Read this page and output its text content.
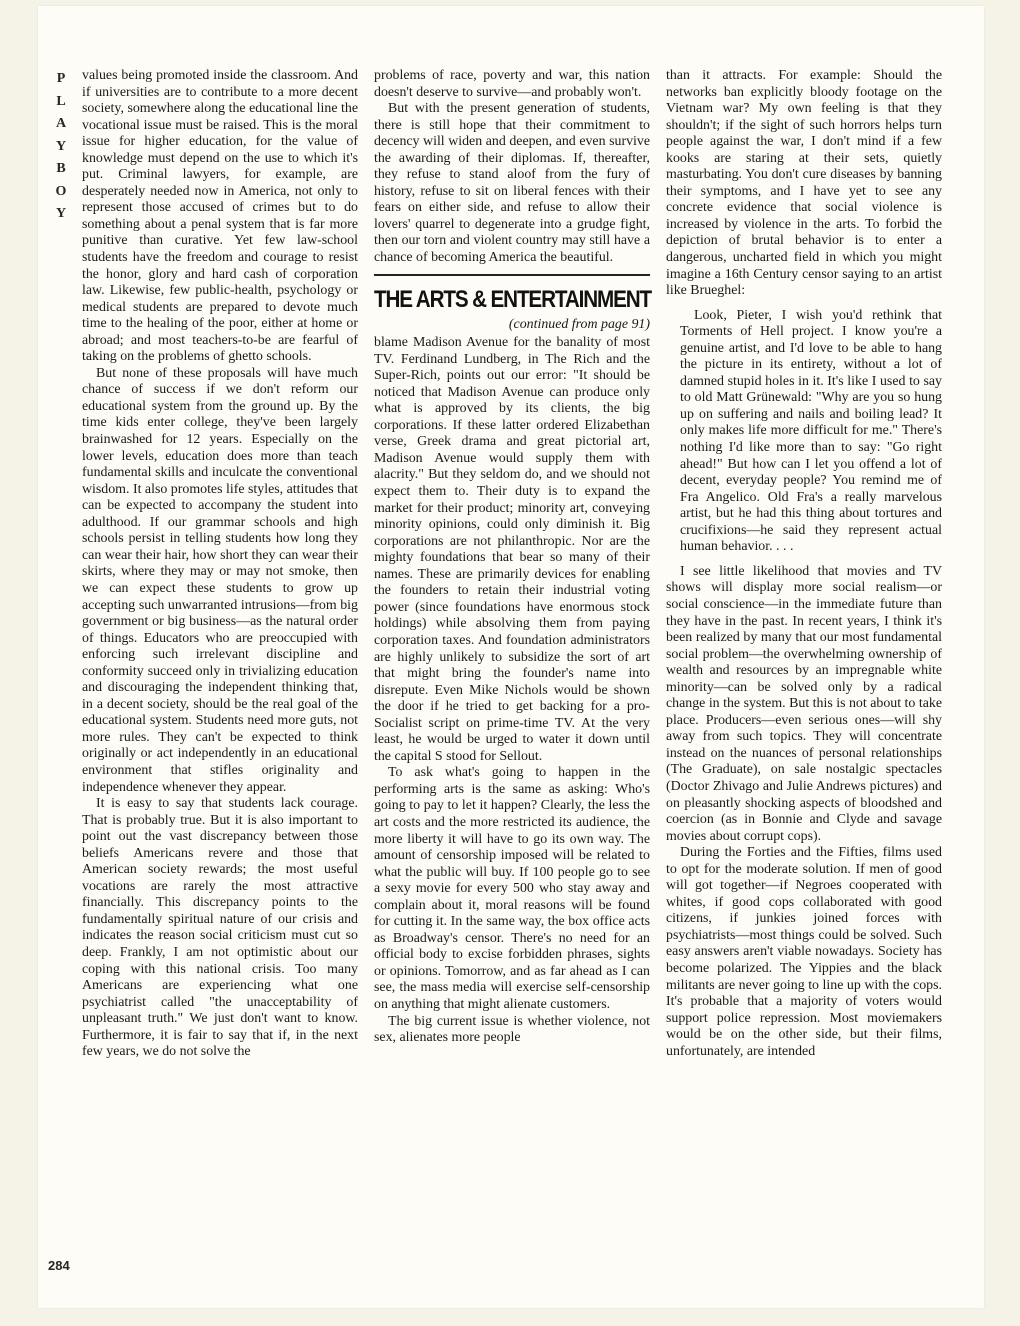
P
L
A
Y
B
O
Y
284

values being promoted inside the classroom. And if universities are to contribute to a more decent society, somewhere along the educational line the vocational issue must be raised. This is the moral issue for higher education, for the value of knowledge must depend on the use to which it's put. Criminal lawyers, for example, are desperately needed now in America, not only to represent those accused of crimes but to do something about a penal system that is far more punitive than curative. Yet few law-school students have the freedom and courage to resist the honor, glory and hard cash of corporation law. Likewise, few public-health, psychology or medical students are prepared to devote much time to the healing of the poor, either at home or abroad; and most teachers-to-be are fearful of taking on the problems of ghetto schools.

But none of these proposals will have much chance of success if we don't reform our educational system from the ground up. By the time kids enter college, they've been largely brainwashed for 12 years. Especially on the lower levels, education does more than teach fundamental skills and inculcate the conventional wisdom. It also promotes life styles, attitudes that can be expected to accompany the student into adulthood. If our grammar schools and high schools persist in telling students how long they can wear their hair, how short they can wear their skirts, where they may or may not smoke, then we can expect these students to grow up accepting such unwarranted intrusions—from big government or big business—as the natural order of things. Educators who are preoccupied with enforcing such irrelevant discipline and conformity succeed only in trivializing education and discouraging the independent thinking that, in a decent society, should be the real goal of the educational system. Students need more guts, not more rules. They can't be expected to think originally or act independently in an educational environment that stifles originality and independence whenever they appear.

It is easy to say that students lack courage. That is probably true. But it is also important to point out the vast discrepancy between those beliefs Americans revere and those that American society rewards; the most useful vocations are rarely the most attractive financially. This discrepancy points to the fundamentally spiritual nature of our crisis and indicates the reason social criticism must cut so deep. Frankly, I am not optimistic about our coping with this national crisis. Too many Americans are experiencing what one psychiatrist called "the unacceptability of unpleasant truth." We just don't want to know. Furthermore, it is fair to say that if, in the next few years, we do not solve the

problems of race, poverty and war, this nation doesn't deserve to survive—and probably won't.

But with the present generation of students, there is still hope that their commitment to decency will widen and deepen, and even survive the awarding of their diplomas. If, thereafter, they refuse to stand aloof from the fury of history, refuse to sit on liberal fences with their fears on either side, and refuse to allow their lovers' quarrel to degenerate into a grudge fight, then our torn and violent country may still have a chance of becoming America the beautiful.

THE ARTS & ENTERTAINMENT
(continued from page 91)

blame Madison Avenue for the banality of most TV. Ferdinand Lundberg, in The Rich and the Super-Rich, points out our error: "It should be noticed that Madison Avenue can produce only what is approved by its clients, the big corporations. If these latter ordered Elizabethan verse, Greek drama and great pictorial art, Madison Avenue would supply them with alacrity." But they seldom do, and we should not expect them to. Their duty is to expand the market for their product; minority art, conveying minority opinions, could only diminish it. Big corporations are not philanthropic. Nor are the mighty foundations that bear so many of their names. These are primarily devices for enabling the founders to retain their industrial voting power (since foundations have enormous stock holdings) while absolving them from paying corporation taxes. And foundation administrators are highly unlikely to subsidize the sort of art that might bring the founder's name into disrepute. Even Mike Nichols would be shown the door if he tried to get backing for a pro-Socialist script on prime-time TV. At the very least, he would be urged to water it down until the capital S stood for Sellout.

To ask what's going to happen in the performing arts is the same as asking: Who's going to pay to let it happen? Clearly, the less the art costs and the more restricted its audience, the more liberty it will have to go its own way. The amount of censorship imposed will be related to what the public will buy. If 100 people go to see a sexy movie for every 500 who stay away and complain about it, moral reasons will be found for cutting it. In the same way, the box office acts as Broadway's censor. There's no need for an official body to excise forbidden phrases, sights or opinions. Tomorrow, and as far ahead as I can see, the mass media will exercise self-censorship on anything that might alienate customers.

The big current issue is whether violence, not sex, alienates more people

than it attracts. For example: Should the networks ban explicitly bloody footage on the Vietnam war? My own feeling is that they shouldn't; if the sight of such horrors helps turn people against the war, I don't mind if a few kooks are staring at their sets, quietly masturbating. You don't cure diseases by banning their symptoms, and I have yet to see any concrete evidence that social violence is increased by violence in the arts. To forbid the depiction of brutal behavior is to enter a dangerous, uncharted field in which you might imagine a 16th Century censor saying to an artist like Brueghel:

Look, Pieter, I wish you'd rethink that Torments of Hell project. I know you're a genuine artist, and I'd love to be able to hang the picture in its entirety, without a lot of damned stupid holes in it. It's like I used to say to old Matt Grünewald: "Why are you so hung up on suffering and nails and boiling lead? It only makes life more difficult for me." There's nothing I'd like more than to say: "Go right ahead!" But how can I let you offend a lot of decent, everyday people? You remind me of Fra Angelico. Old Fra's a really marvelous artist, but he had this thing about tortures and crucifixions—he said they represent actual human behavior. . . .

I see little likelihood that movies and TV shows will display more social realism—or social conscience—in the immediate future than they have in the past. In recent years, I think it's been realized by many that our most fundamental social problem—the overwhelming ownership of wealth and resources by an impregnable white minority—can be solved only by a radical change in the system. But this is not about to take place. Producers—even serious ones—will shy away from such topics. They will concentrate instead on the nuances of personal relationships (The Graduate), on sale nostalgic spectacles (Doctor Zhivago and Julie Andrews pictures) and on pleasantly shocking aspects of bloodshed and coercion (as in Bonnie and Clyde and savage movies about corrupt cops).

During the Forties and the Fifties, films used to opt for the moderate solution. If men of good will got together—if Negroes cooperated with whites, if good cops collaborated with good citizens, if junkies joined forces with psychiatrists—most things could be solved. Such easy answers aren't viable nowadays. Society has become polarized. The Yippies and the black militants are never going to line up with the cops. It's probable that a majority of voters would support police repression. Most moviemakers would be on the other side, but their films, unfortunately, are intended
